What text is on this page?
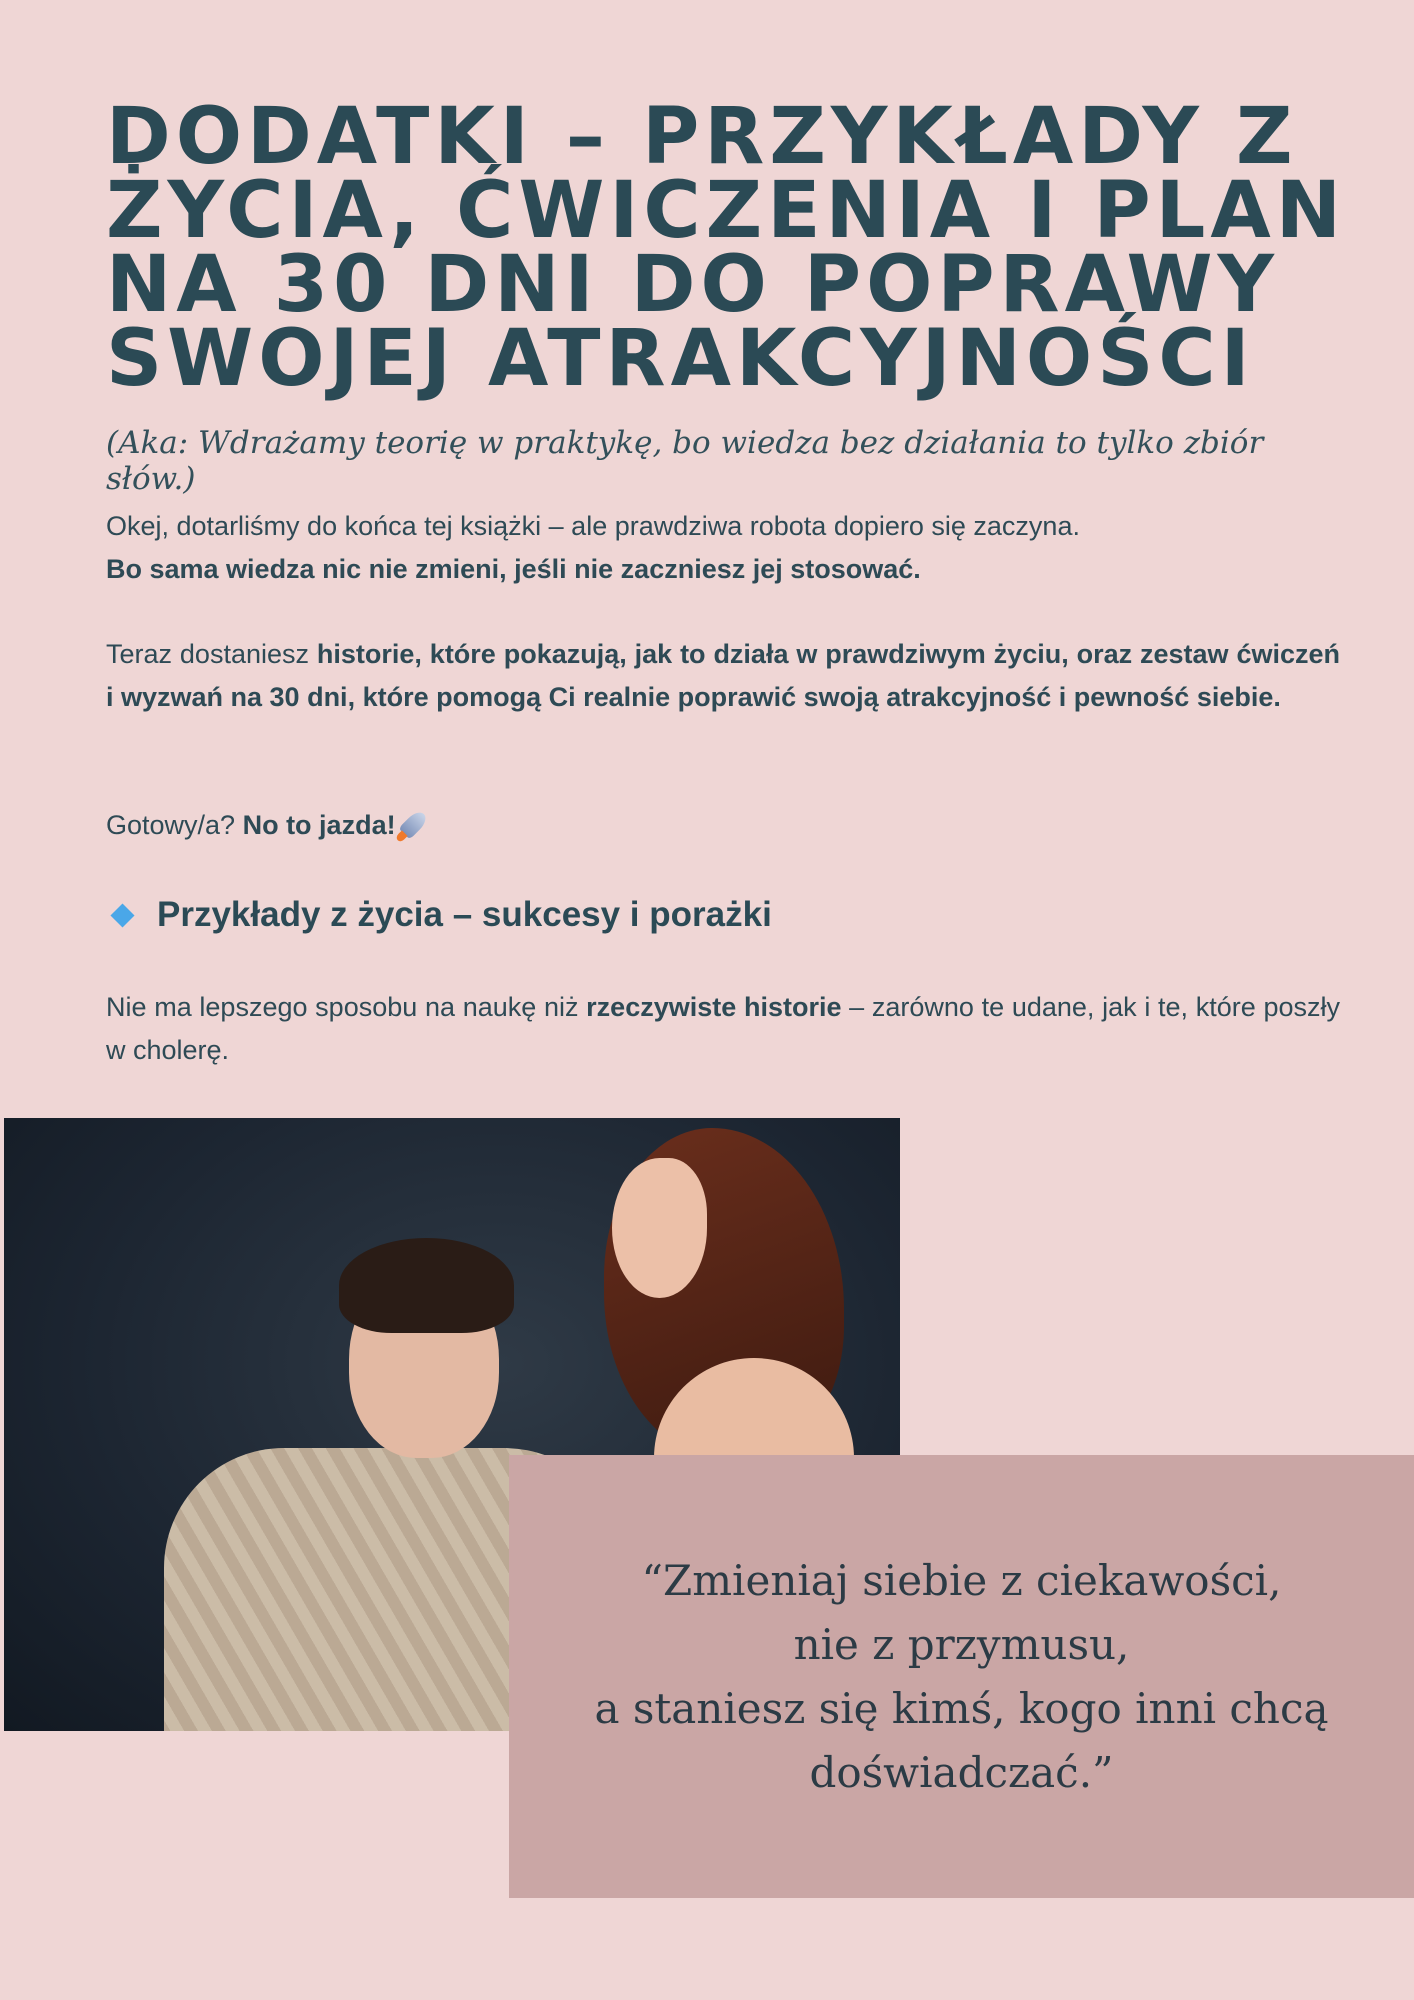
DODATKI – PRZYKŁADY Z ŻYCIA, ĆWICZENIA I PLAN NA 30 DNI DO POPRAWY SWOJEJ ATRAKCYJNOŚCI
(Aka: Wdrażamy teorię w praktykę, bo wiedza bez działania to tylko zbiór słów.)
Okej, dotarliśmy do końca tej książki – ale prawdziwa robota dopiero się zaczyna.
Bo sama wiedza nic nie zmieni, jeśli nie zaczniesz jej stosować.
Teraz dostaniesz historie, które pokazują, jak to działa w prawdziwym życiu, oraz zestaw ćwiczeń i wyzwań na 30 dni, które pomogą Ci realnie poprawić swoją atrakcyjność i pewność siebie.
Gotowy/a? No to jazda!
Przykłady z życia – sukcesy i porażki
Nie ma lepszego sposobu na naukę niż rzeczywiste historie – zarówno te udane, jak i te, które poszły w cholerę.
“Zmieniaj siebie z ciekawości,
nie z przymusu,
a staniesz się kimś, kogo inni chcą doświadczać.”
